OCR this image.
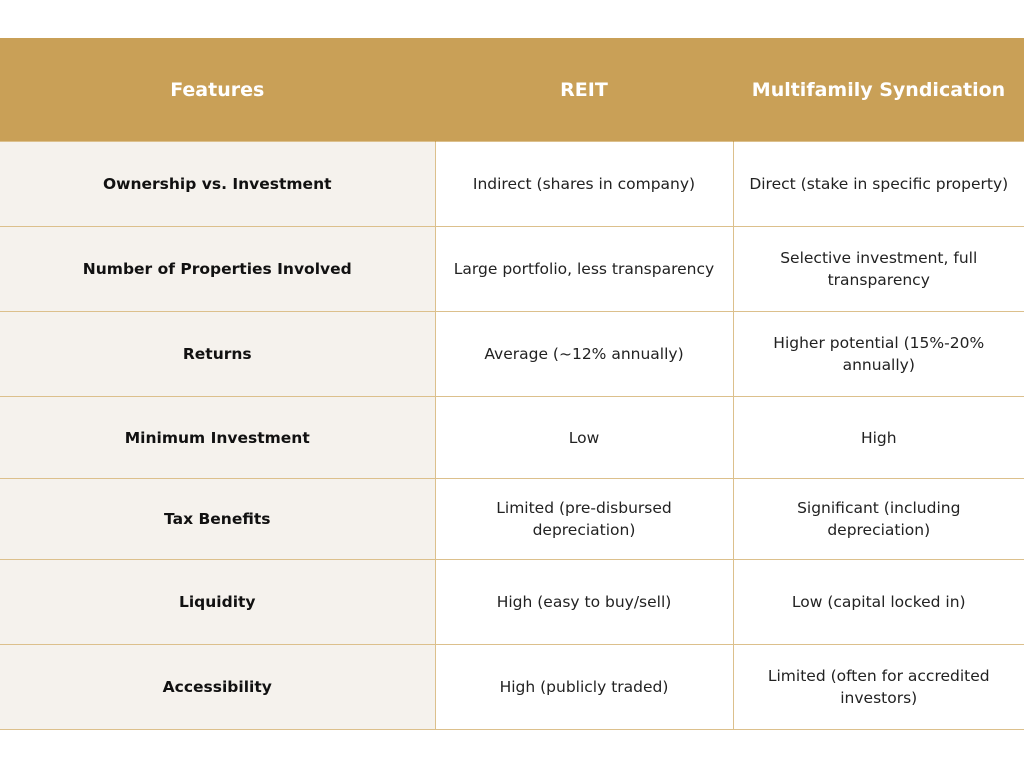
Features	REIT	Multifamily Syndication
Ownership vs. Investment	Indirect (shares in company)	Direct (stake in specific property)
Number of Properties Involved	Large portfolio, less transparency	Selective investment, full transparency
Returns	Average (~12% annually)	Higher potential (15%-20% annually)
Minimum Investment	Low	High
Tax Benefits	Limited (pre-disbursed depreciation)	Significant (including depreciation)
Liquidity	High (easy to buy/sell)	Low (capital locked in)
Accessibility	High (publicly traded)	Limited (often for accredited investors)
